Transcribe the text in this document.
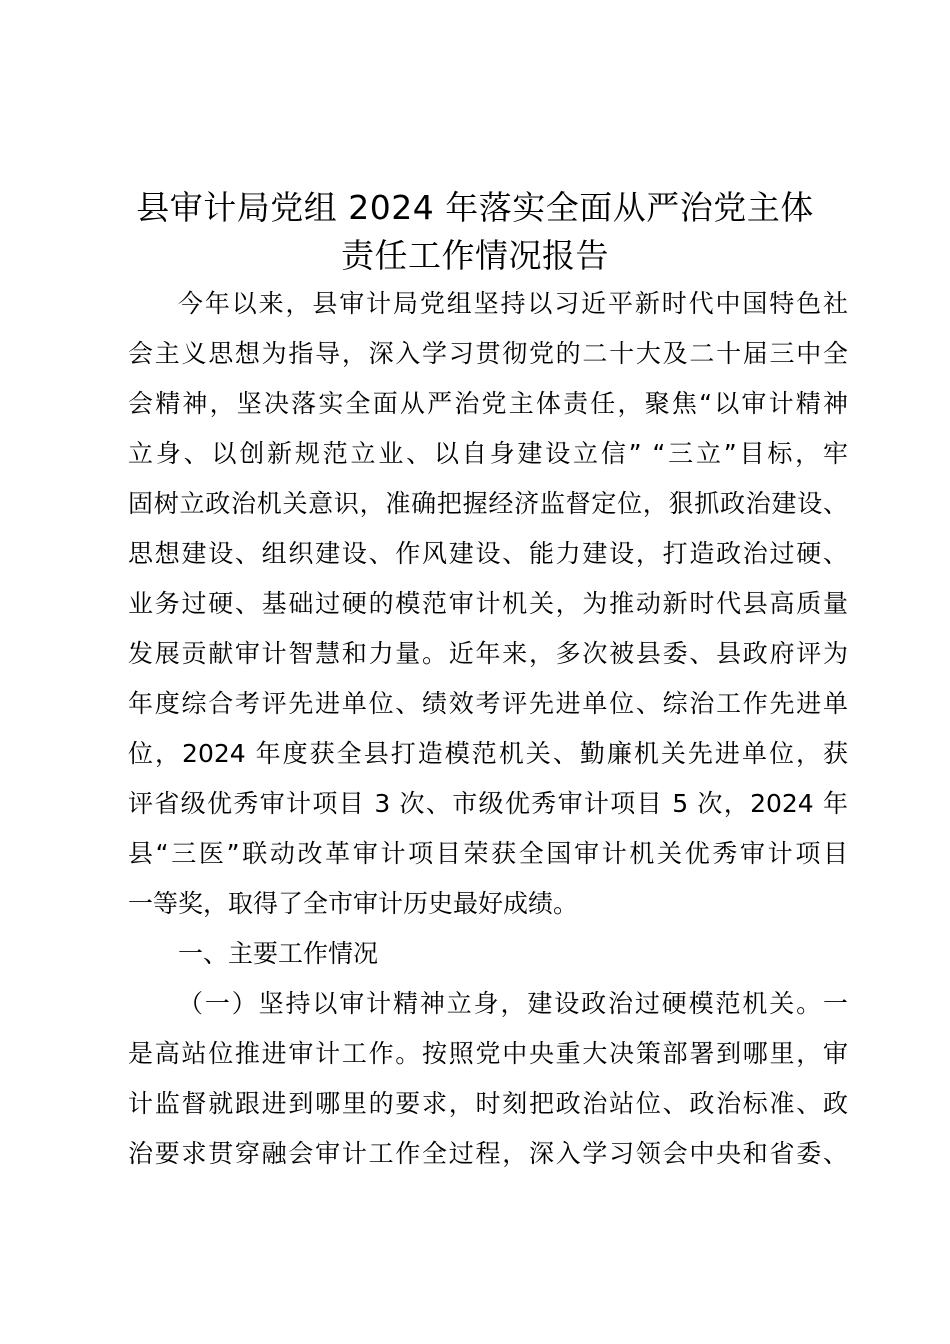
县审计局党组 2024 年落实全面从严治党主体
责任工作情况报告
今年以来，县审计局党组坚持以习近平新时代中国特色社
会主义思想为指导，深入学习贯彻党的二十大及二十届三中全
会精神，坚决落实全面从严治党主体责任，聚焦“以审计精神
立身、以创新规范立业、以自身建设立信” “三立”目标，牢
固树立政治机关意识，准确把握经济监督定位，狠抓政治建设、
思想建设、组织建设、作风建设、能力建设，打造政治过硬、
业务过硬、基础过硬的模范审计机关，为推动新时代县高质量
发展贡献审计智慧和力量。近年来，多次被县委、县政府评为
年度综合考评先进单位、绩效考评先进单位、综治工作先进单
位，2024 年度获全县打造模范机关、勤廉机关先进单位，获
评省级优秀审计项目 3 次、市级优秀审计项目 5 次，2024 年
县“三医”联动改革审计项目荣获全国审计机关优秀审计项目
一等奖，取得了全市审计历史最好成绩。
一、主要工作情况
（一）坚持以审计精神立身，建设政治过硬模范机关。一
是高站位推进审计工作。按照党中央重大决策部署到哪里，审
计监督就跟进到哪里的要求，时刻把政治站位、政治标准、政
治要求贯穿融会审计工作全过程，深入学习领会中央和省委、
